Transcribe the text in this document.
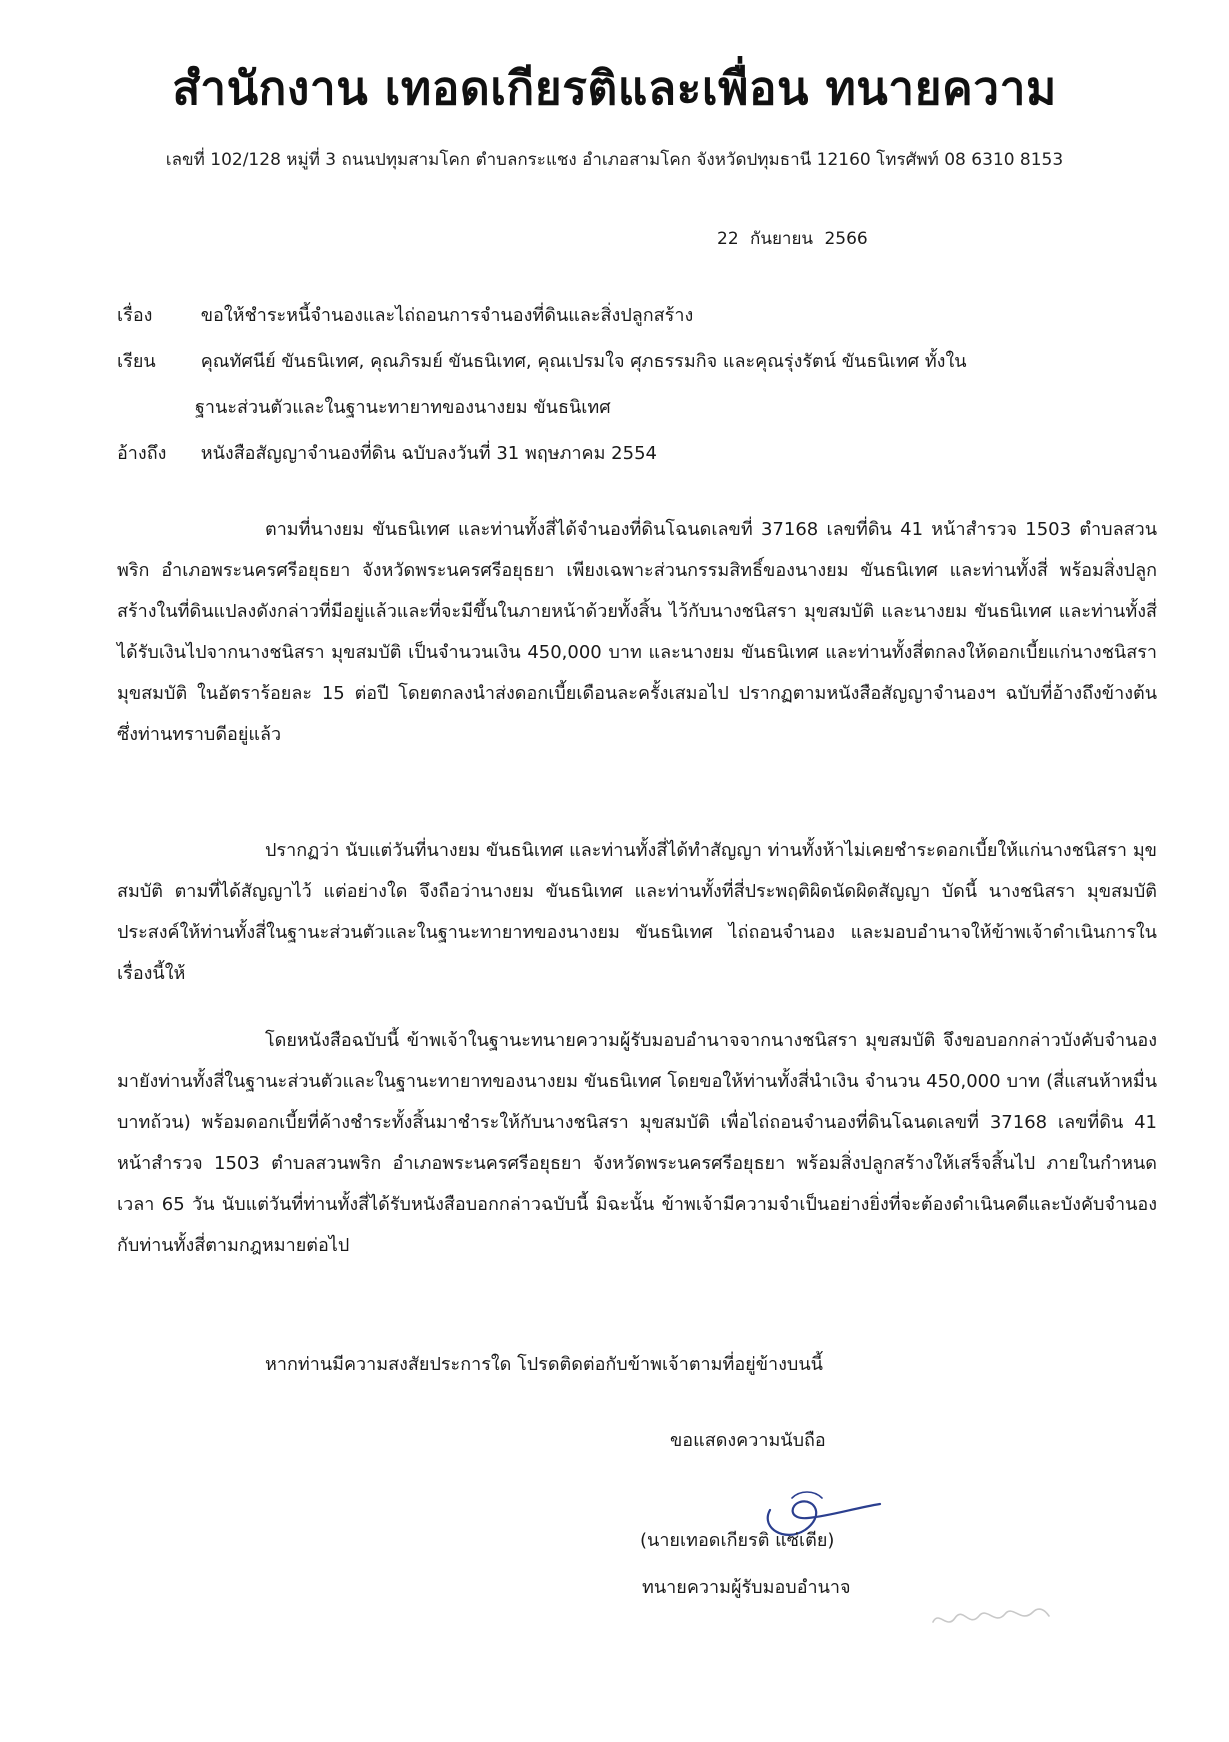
สำนักงาน เทอดเกียรติและเพื่อน ทนายความ
เลขที่ 102/128 หมู่ที่ 3 ถนนปทุมสามโคก ตำบลกระแชง อำเภอสามโคก จังหวัดปทุมธานี 12160 โทรศัพท์ 08 6310 8153
22 กันยายน 2566
เรื่อง	ขอให้ชำระหนี้จำนองและไถ่ถอนการจำนองที่ดินและสิ่งปลูกสร้าง
เรียน	คุณทัศนีย์ ขันธนิเทศ, คุณภิรมย์ ขันธนิเทศ, คุณเปรมใจ ศุภธรรมกิจ และคุณรุ่งรัตน์ ขันธนิเทศ ทั้งใน
ฐานะส่วนตัวและในฐานะทายาทของนางยม ขันธนิเทศ
อ้างถึง หนังสือสัญญาจำนองที่ดิน ฉบับลงวันที่ 31 พฤษภาคม 2554

ตามที่นางยม ขันธนิเทศ และท่านทั้งสี่ได้จำนองที่ดินโฉนดเลขที่ 37168 เลขที่ดิน 41 หน้าสำรวจ 1503 ตำบลสวนพริก อำเภอพระนครศรีอยุธยา จังหวัดพระนครศรีอยุธยา เพียงเฉพาะส่วนกรรมสิทธิ์ของนางยม ขันธนิเทศ และท่านทั้งสี่ พร้อมสิ่งปลูกสร้างในที่ดินแปลงดังกล่าวที่มีอยู่แล้วและที่จะมีขึ้นในภายหน้าด้วยทั้งสิ้น ไว้กับนางชนิสรา มุขสมบัติ และนางยม ขันธนิเทศ และท่านทั้งสี่ได้รับเงินไปจากนางชนิสรา มุขสมบัติ เป็นจำนวนเงิน 450,000 บาท และนางยม ขันธนิเทศ และท่านทั้งสี่ตกลงให้ดอกเบี้ยแก่นางชนิสรา มุขสมบัติ ในอัตราร้อยละ 15 ต่อปี โดยตกลงนำส่งดอกเบี้ยเดือนละครั้งเสมอไป ปรากฏตามหนังสือสัญญาจำนองฯ ฉบับที่อ้างถึงข้างต้น ซึ่งท่านทราบดีอยู่แล้ว

ปรากฏว่า นับแต่วันที่นางยม ขันธนิเทศ และท่านทั้งสี่ได้ทำสัญญา ท่านทั้งห้าไม่เคยชำระดอกเบี้ยให้แก่นางชนิสรา มุขสมบัติ ตามที่ได้สัญญาไว้ แต่อย่างใด จึงถือว่านางยม ขันธนิเทศ และท่านทั้งที่สี่ประพฤติผิดนัดผิดสัญญา บัดนี้ นางชนิสรา มุขสมบัติ ประสงค์ให้ท่านทั้งสี่ในฐานะส่วนตัวและในฐานะทายาทของนางยม ขันธนิเทศ ไถ่ถอนจำนอง และมอบอำนาจให้ข้าพเจ้าดำเนินการในเรื่องนี้ให้

โดยหนังสือฉบับนี้ ข้าพเจ้าในฐานะทนายความผู้รับมอบอำนาจจากนางชนิสรา มุขสมบัติ จึงขอบอกกล่าวบังคับจำนองมายังท่านทั้งสี่ในฐานะส่วนตัวและในฐานะทายาทของนางยม ขันธนิเทศ โดยขอให้ท่านทั้งสี่นำเงิน จำนวน 450,000 บาท (สี่แสนห้าหมื่นบาทถ้วน) พร้อมดอกเบี้ยที่ค้างชำระทั้งสิ้นมาชำระให้กับนางชนิสรา มุขสมบัติ เพื่อไถ่ถอนจำนองที่ดินโฉนดเลขที่ 37168 เลขที่ดิน 41 หน้าสำรวจ 1503 ตำบลสวนพริก อำเภอพระนครศรีอยุธยา จังหวัดพระนครศรีอยุธยา พร้อมสิ่งปลูกสร้างให้เสร็จสิ้นไป ภายในกำหนดเวลา 65 วัน นับแต่วันที่ท่านทั้งสี่ได้รับหนังสือบอกกล่าวฉบับนี้ มิฉะนั้น ข้าพเจ้ามีความจำเป็นอย่างยิ่งที่จะต้องดำเนินคดีและบังคับจำนองกับท่านทั้งสี่ตามกฎหมายต่อไป

หากท่านมีความสงสัยประการใด โปรดติดต่อกับข้าพเจ้าตามที่อยู่ข้างบนนี้

ขอแสดงความนับถือ
(นายเทอดเกียรติ แซ่เตีย)
ทนายความผู้รับมอบอำนาจ
